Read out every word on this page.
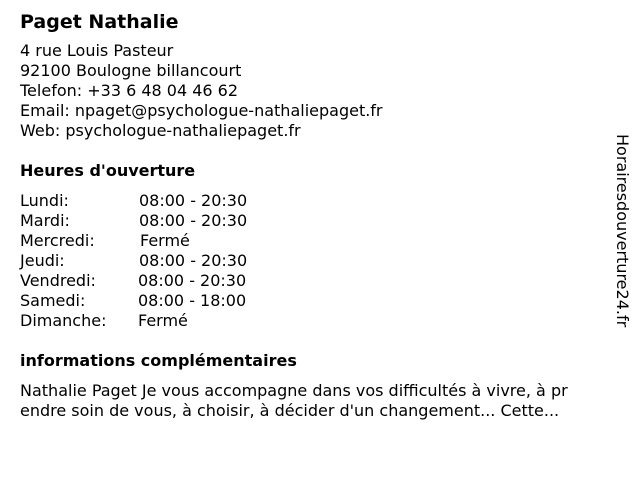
Paget Nathalie
4 rue Louis Pasteur
92100 Boulogne billancourt
Telefon: +33 6 48 04 46 62
Email: npaget@psychologue-nathaliepaget.fr
Web: psychologue-nathaliepaget.fr
Heures d'ouverture
Lundi:	08:00 - 20:30
Mardi:	08:00 - 20:30
Mercredi:	Fermé
Jeudi:	08:00 - 20:30
Vendredi:	08:00 - 20:30
Samedi:	08:00 - 18:00
Dimanche: Fermé
informations complémentaires
Nathalie Paget Je vous accompagne dans vos difficultés à vivre, à pr
endre soin de vous, à choisir, à décider d'un changement... Cette...
Horairesdouverture24.fr
